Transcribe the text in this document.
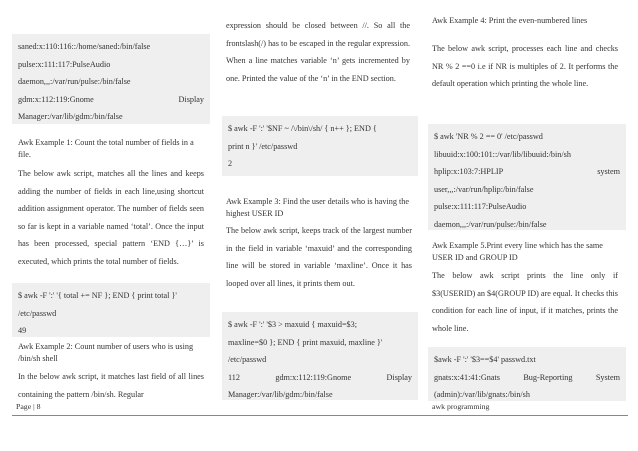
saned:x:110:116::/home/saned:/bin/false
pulse:x:111:117:PulseAudio
daemon,,,:/var/run/pulse:/bin/false
gdm:x:112:119:Gnome	Display
Manager:/var/lib/gdm:/bin/false

Awk Example 1: Count the total number of fields in a file.

The below awk script, matches all the lines and keeps adding the number of fields in each line,using shortcut addition assignment operator. The number of fields seen so far is kept in a variable named ‘total’. Once the input has been processed, special pattern ‘END {…}’ is executed, which prints the total number of fields.

$ awk -F ':' '{ total += NF }; END { print total }'
/etc/passwd
49

Awk Example 2: Count number of users who is using /bin/sh shell

In the below awk script, it matches last field of all lines containing the pattern /bin/sh. Regular

expression should be closed between //. So all the frontslash(/) has to be escaped in the regular expression. When a line matches variable ‘n’ gets incremented by one. Printed the value of the ‘n’ in the END section.

$ awk -F ':' '$NF ~ /\/bin\/sh/ { n++ }; END {
print n }' /etc/passwd
2

Awk Example 3: Find the user details who is having the highest USER ID

The below awk script, keeps track of the largest number in the field in variable ‘maxuid’ and the corresponding line will be stored in variable ‘maxline’. Once it has looped over all lines, it prints them out.

$ awk -F ':' '$3 > maxuid { maxuid=$3;
maxline=$0 }; END { print maxuid, maxline }'
/etc/passwd
112	gdm:x:112:119:Gnome	Display
Manager:/var/lib/gdm:/bin/false

Awk Example 4: Print the even-numbered lines

The below awk script, processes each line and checks NR % 2 ==0 i.e if NR is multiples of 2. It performs the default operation which printing the whole line.

$ awk 'NR % 2 == 0' /etc/passwd
libuuid:x:100:101::/var/lib/libuuid:/bin/sh
hplip:x:103:7:HPLIP	system
user,,,:/var/run/hplip:/bin/false
pulse:x:111:117:PulseAudio
daemon,,,:/var/run/pulse:/bin/false

Awk Example 5.Print every line which has the same USER ID and GROUP ID

The below awk script prints the line only if $3(USERID) an $4(GROUP ID) are equal. It checks this condition for each line of input, if it matches, prints the whole line.

$awk -F ':' '$3==$4' passwd.txt
gnats:x:41:41:Gnats	Bug-Reporting	System
(admin):/var/lib/gnats:/bin/sh
Page | 8	awk programming
